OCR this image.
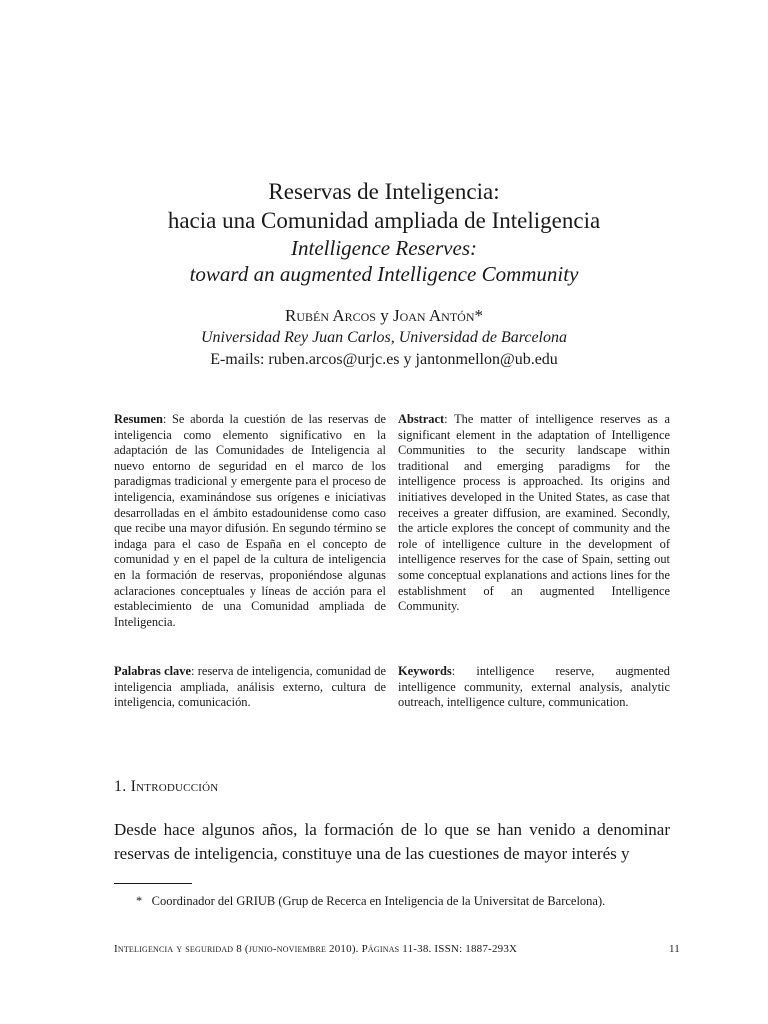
Reservas de Inteligencia:
hacia una Comunidad ampliada de Inteligencia
Intelligence Reserves:
toward an augmented Intelligence Community
Rubén Arcos y Joan Antón*
Universidad Rey Juan Carlos, Universidad de Barcelona
E-mails: ruben.arcos@urjc.es y jantonmellon@ub.edu
Resumen: Se aborda la cuestión de las reservas de inteligencia como elemento significativo en la adaptación de las Comunidades de Inteligencia al nuevo entorno de seguridad en el marco de los paradigmas tradicional y emergente para el proceso de inteligencia, examinándose sus orígenes e iniciativas desarrolladas en el ámbito estadounidense como caso que recibe una mayor difusión. En segundo término se indaga para el caso de España en el concepto de comunidad y en el papel de la cultura de inteligencia en la formación de reservas, proponiéndose algunas aclaraciones conceptuales y líneas de acción para el establecimiento de una Comunidad ampliada de Inteligencia.
Abstract: The matter of intelligence reserves as a significant element in the adaptation of Intelligence Communities to the security landscape within traditional and emerging paradigms for the intelligence process is approached. Its origins and initiatives developed in the United States, as case that receives a greater diffusion, are examined. Secondly, the article explores the concept of community and the role of intelligence culture in the development of intelligence reserves for the case of Spain, setting out some conceptual explanations and actions lines for the establishment of an augmented Intelligence Community.
Palabras clave: reserva de inteligencia, comunidad de inteligencia ampliada, análisis externo, cultura de inteligencia, comunicación.
Keywords: intelligence reserve, augmented intelligence community, external analysis, analytic outreach, intelligence culture, communication.
1. Introducción
Desde hace algunos años, la formación de lo que se han venido a denominar reservas de inteligencia, constituye una de las cuestiones de mayor interés y
*   Coordinador del GRIUB (Grup de Recerca en Inteligencia de la Universitat de Barcelona).
Inteligencia y seguridad 8 (junio-noviembre 2010). Páginas 11-38. ISSN: 1887-293X	11
